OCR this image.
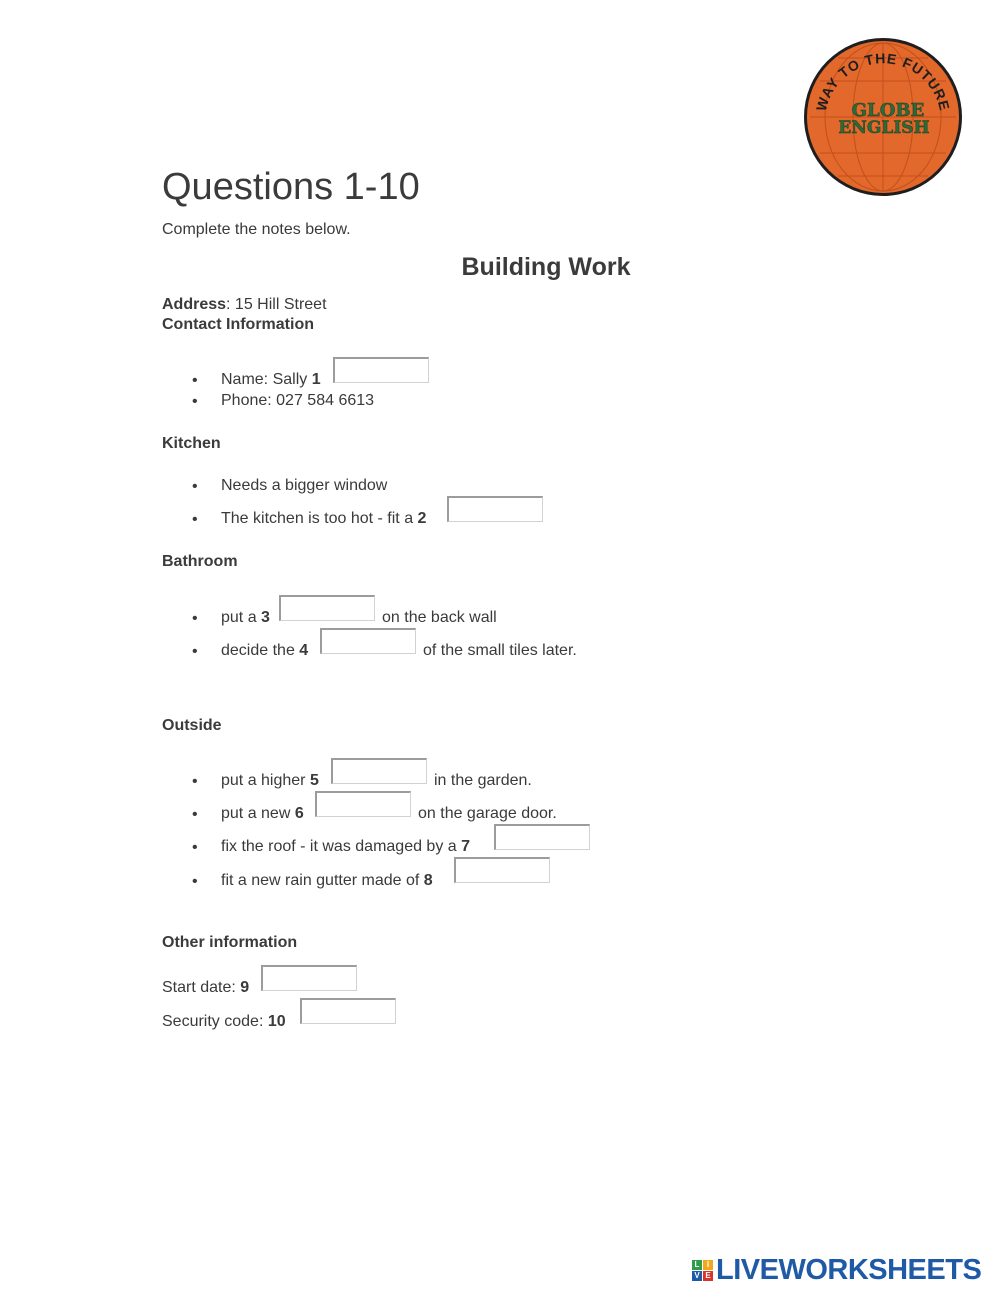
WAY TO THE FUTURE
GLOBE
ENGLISH
Questions 1-10
Complete the notes below.
Building Work
Address: 15 Hill Street
Contact Information
• Name: Sally 1
• Phone: 027 584 6613
Kitchen
• Needs a bigger window
• The kitchen is too hot - fit a 2
Bathroom
• put a 3	on the back wall
• decide the 4	of the small tiles later.
Outside
• put a higher 5	in the garden.
• put a new 6	on the garage door.
• fix the roof - it was damaged by a 7
• fit a new rain gutter made of 8
Other information
Start date: 9
Security code: 10
L I
V E LIVEWORKSHEETS
